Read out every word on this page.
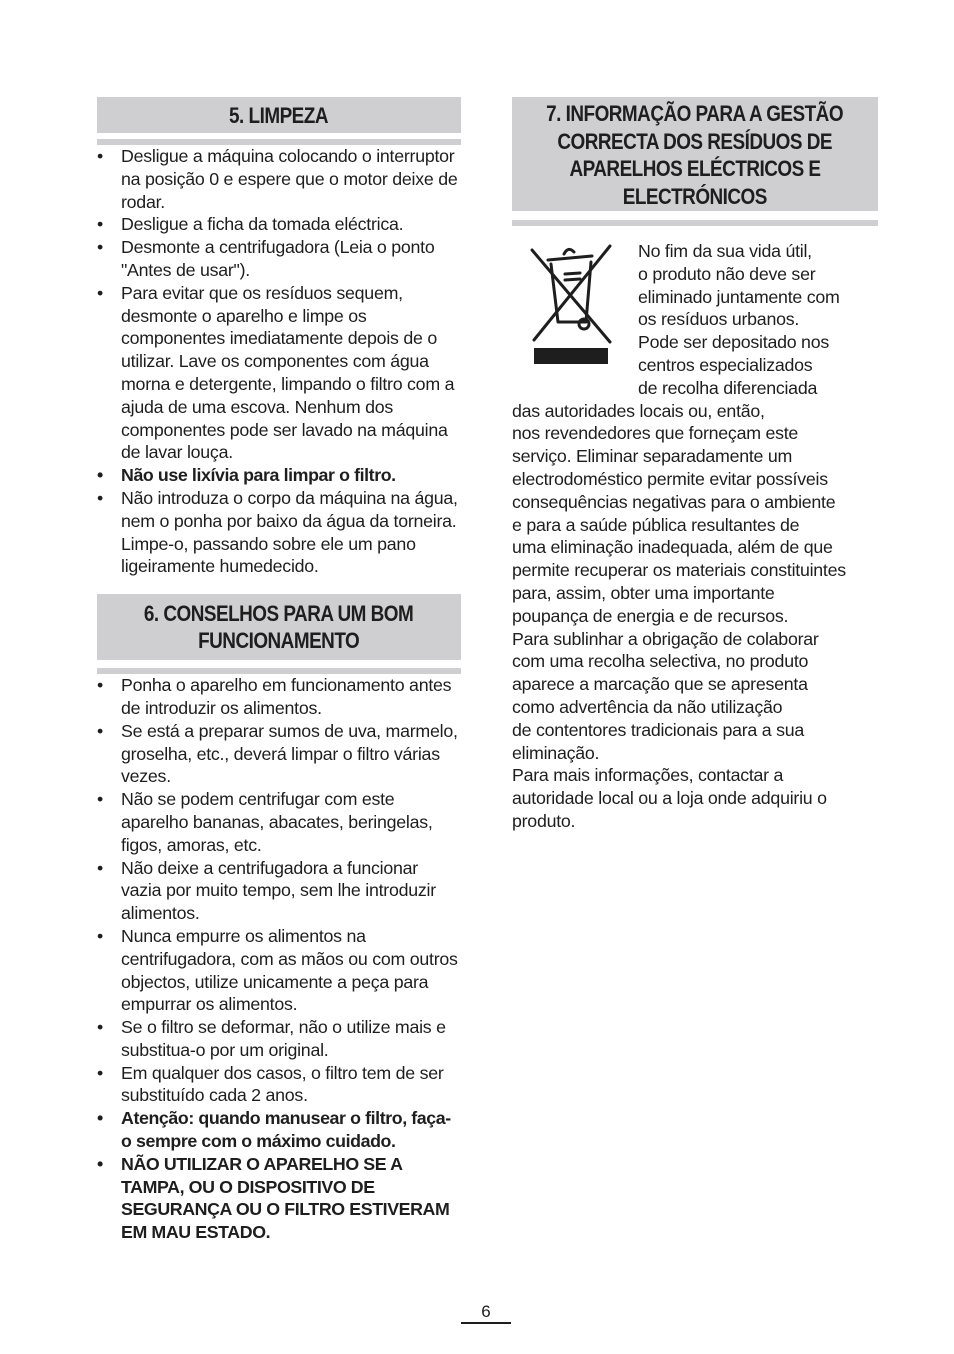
5. LIMPEZA
• Desligue a máquina colocando o interruptor na posição 0 e espere que o motor deixe de rodar.
• Desligue a ficha da tomada eléctrica.
• Desmonte a centrifugadora (Leia o ponto "Antes de usar").
• Para evitar que os resíduos sequem, desmonte o aparelho e limpe os componentes imediatamente depois de o utilizar. Lave os componentes com água morna e detergente, limpando o filtro com a ajuda de uma escova. Nenhum dos componentes pode ser lavado na máquina de lavar louça.
• Não use lixívia para limpar o filtro.
• Não introduza o corpo da máquina na água, nem o ponha por baixo da água da torneira. Limpe-o, passando sobre ele um pano ligeiramente humedecido.
6. CONSELHOS PARA UM BOM
FUNCIONAMENTO
• Ponha o aparelho em funcionamento antes de introduzir os alimentos.
• Se está a preparar sumos de uva, marmelo, groselha, etc., deverá limpar o filtro várias vezes.
• Não se podem centrifugar com este aparelho bananas, abacates, beringelas, figos, amoras, etc.
• Não deixe a centrifugadora a funcionar vazia por muito tempo, sem lhe introduzir alimentos.
• Nunca empurre os alimentos na centrifugadora, com as mãos ou com outros objectos, utilize unicamente a peça para empurrar os alimentos.
• Se o filtro se deformar, não o utilize mais e substitua-o por um original.
• Em qualquer dos casos, o filtro tem de ser substituído cada 2 anos.
• Atenção: quando manusear o filtro, faça-o sempre com o máximo cuidado.
• NÃO UTILIZAR O APARELHO SE A TAMPA, OU O DISPOSITIVO DE SEGURANÇA OU O FILTRO ESTIVERAM EM MAU ESTADO.
7. INFORMAÇÃO PARA A GESTÃO
CORRECTA DOS RESÍDUOS DE
APARELHOS ELÉCTRICOS E
ELECTRÓNICOS

No fim da sua vida útil,
o produto não deve ser
eliminado juntamente com
os resíduos urbanos.
Pode ser depositado nos
centros especializados
de recolha diferenciada

das autoridades locais ou, então,
nos revendedores que forneçam este
serviço. Eliminar separadamente um
electrodoméstico permite evitar possíveis
consequências negativas para o ambiente
e para a saúde pública resultantes de
uma eliminação inadequada, além de que
permite recuperar os materiais constituintes
para, assim, obter uma importante
poupança de energia e de recursos.
Para sublinhar a obrigação de colaborar
com uma recolha selectiva, no produto
aparece a marcação que se apresenta
como advertência da não utilização
de contentores tradicionais para a sua
eliminação.
Para mais informações, contactar a
autoridade local ou a loja onde adquiriu o
produto.

6
